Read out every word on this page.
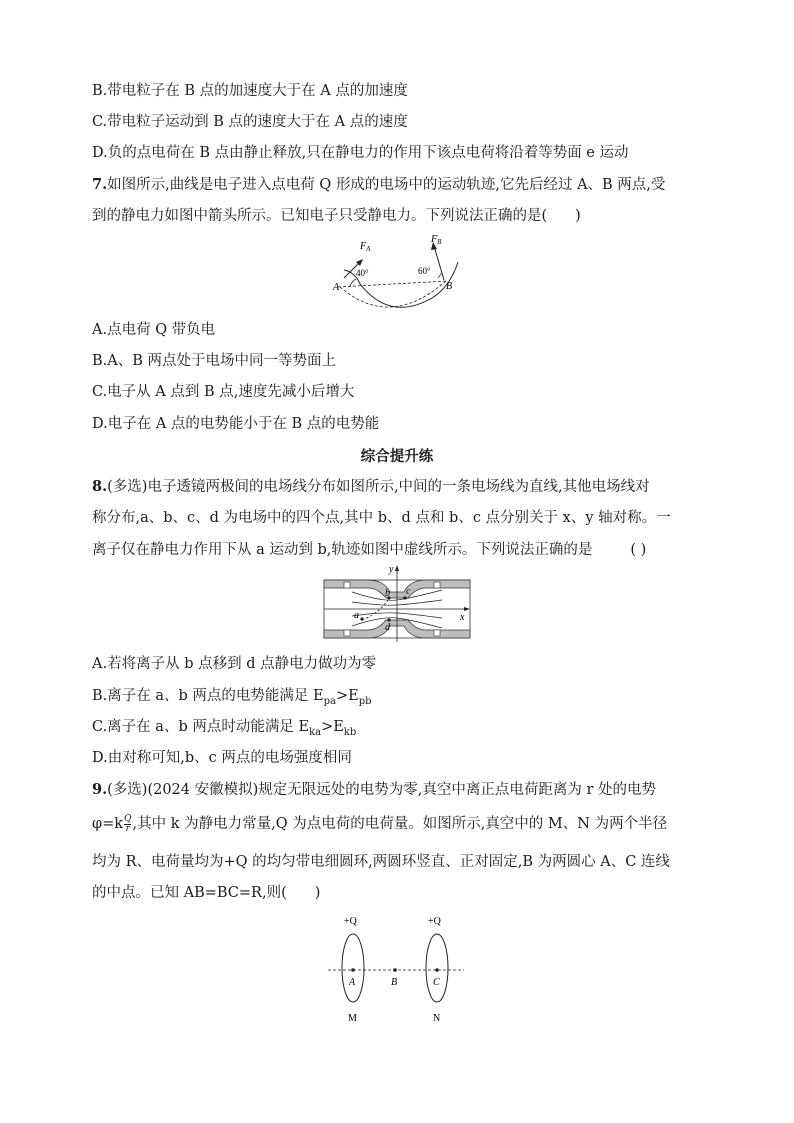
B.带电粒子在 B 点的加速度大于在 A 点的加速度
C.带电粒子运动到 B 点的速度大于在 A 点的速度
D.负的点电荷在 B 点由静止释放,只在静电力的作用下该点电荷将沿着等势面 e 运动
7.如图所示,曲线是电子进入点电荷 Q 形成的电场中的运动轨迹,它先后经过 A、B 两点,受
到的静电力如图中箭头所示。已知电子只受静电力。下列说法正确的是( )
$F_A$
$F_B$
40°	60°
A	B
A.点电荷 Q 带负电
B.A、B 两点处于电场中同一等势面上
C.电子从 A 点到 B 点,速度先减小后增大
D.电子在 A 点的电势能小于在 B 点的电势能
综合提升练
8.(多选)电子透镜两极间的电场线分布如图所示,中间的一条电场线为直线,其他电场线对
称分布,a、b、c、d 为电场中的四个点,其中 b、d 点和 b、c 点分别关于 x、y 轴对称。一
离子仅在静电力作用下从 a 运动到 b,轨迹如图中虚线所示。下列说法正确的是	( )
y
x
a
b c
d
A.若将离子从 b 点移到 d 点静电力做功为零
B.离子在 a、b 两点的电势能满足 $E_{pa}>E_{pb}$
C.离子在 a、b 两点时动能满足 $E_{ka}>E_{kb}$
D.由对称可知,b、c 两点的电场强度相同
9.(多选)(2024 安徽模拟)规定无限远处的电势为零,真空中离正点电荷距离为 r 处的电势
$\varphi=k \frac{Q}{r}$ ,其中 k 为静电力常量,Q 为点电荷的电荷量。如图所示,真空中的 M、N 为两个半径
均为 R、电荷量均为+Q 的均匀带电细圆环,两圆环竖直、正对固定,B 为两圆心 A、C 连线
的中点。已知 AB=BC=R,则( )
+Q	+Q
A	B	C
M	N
